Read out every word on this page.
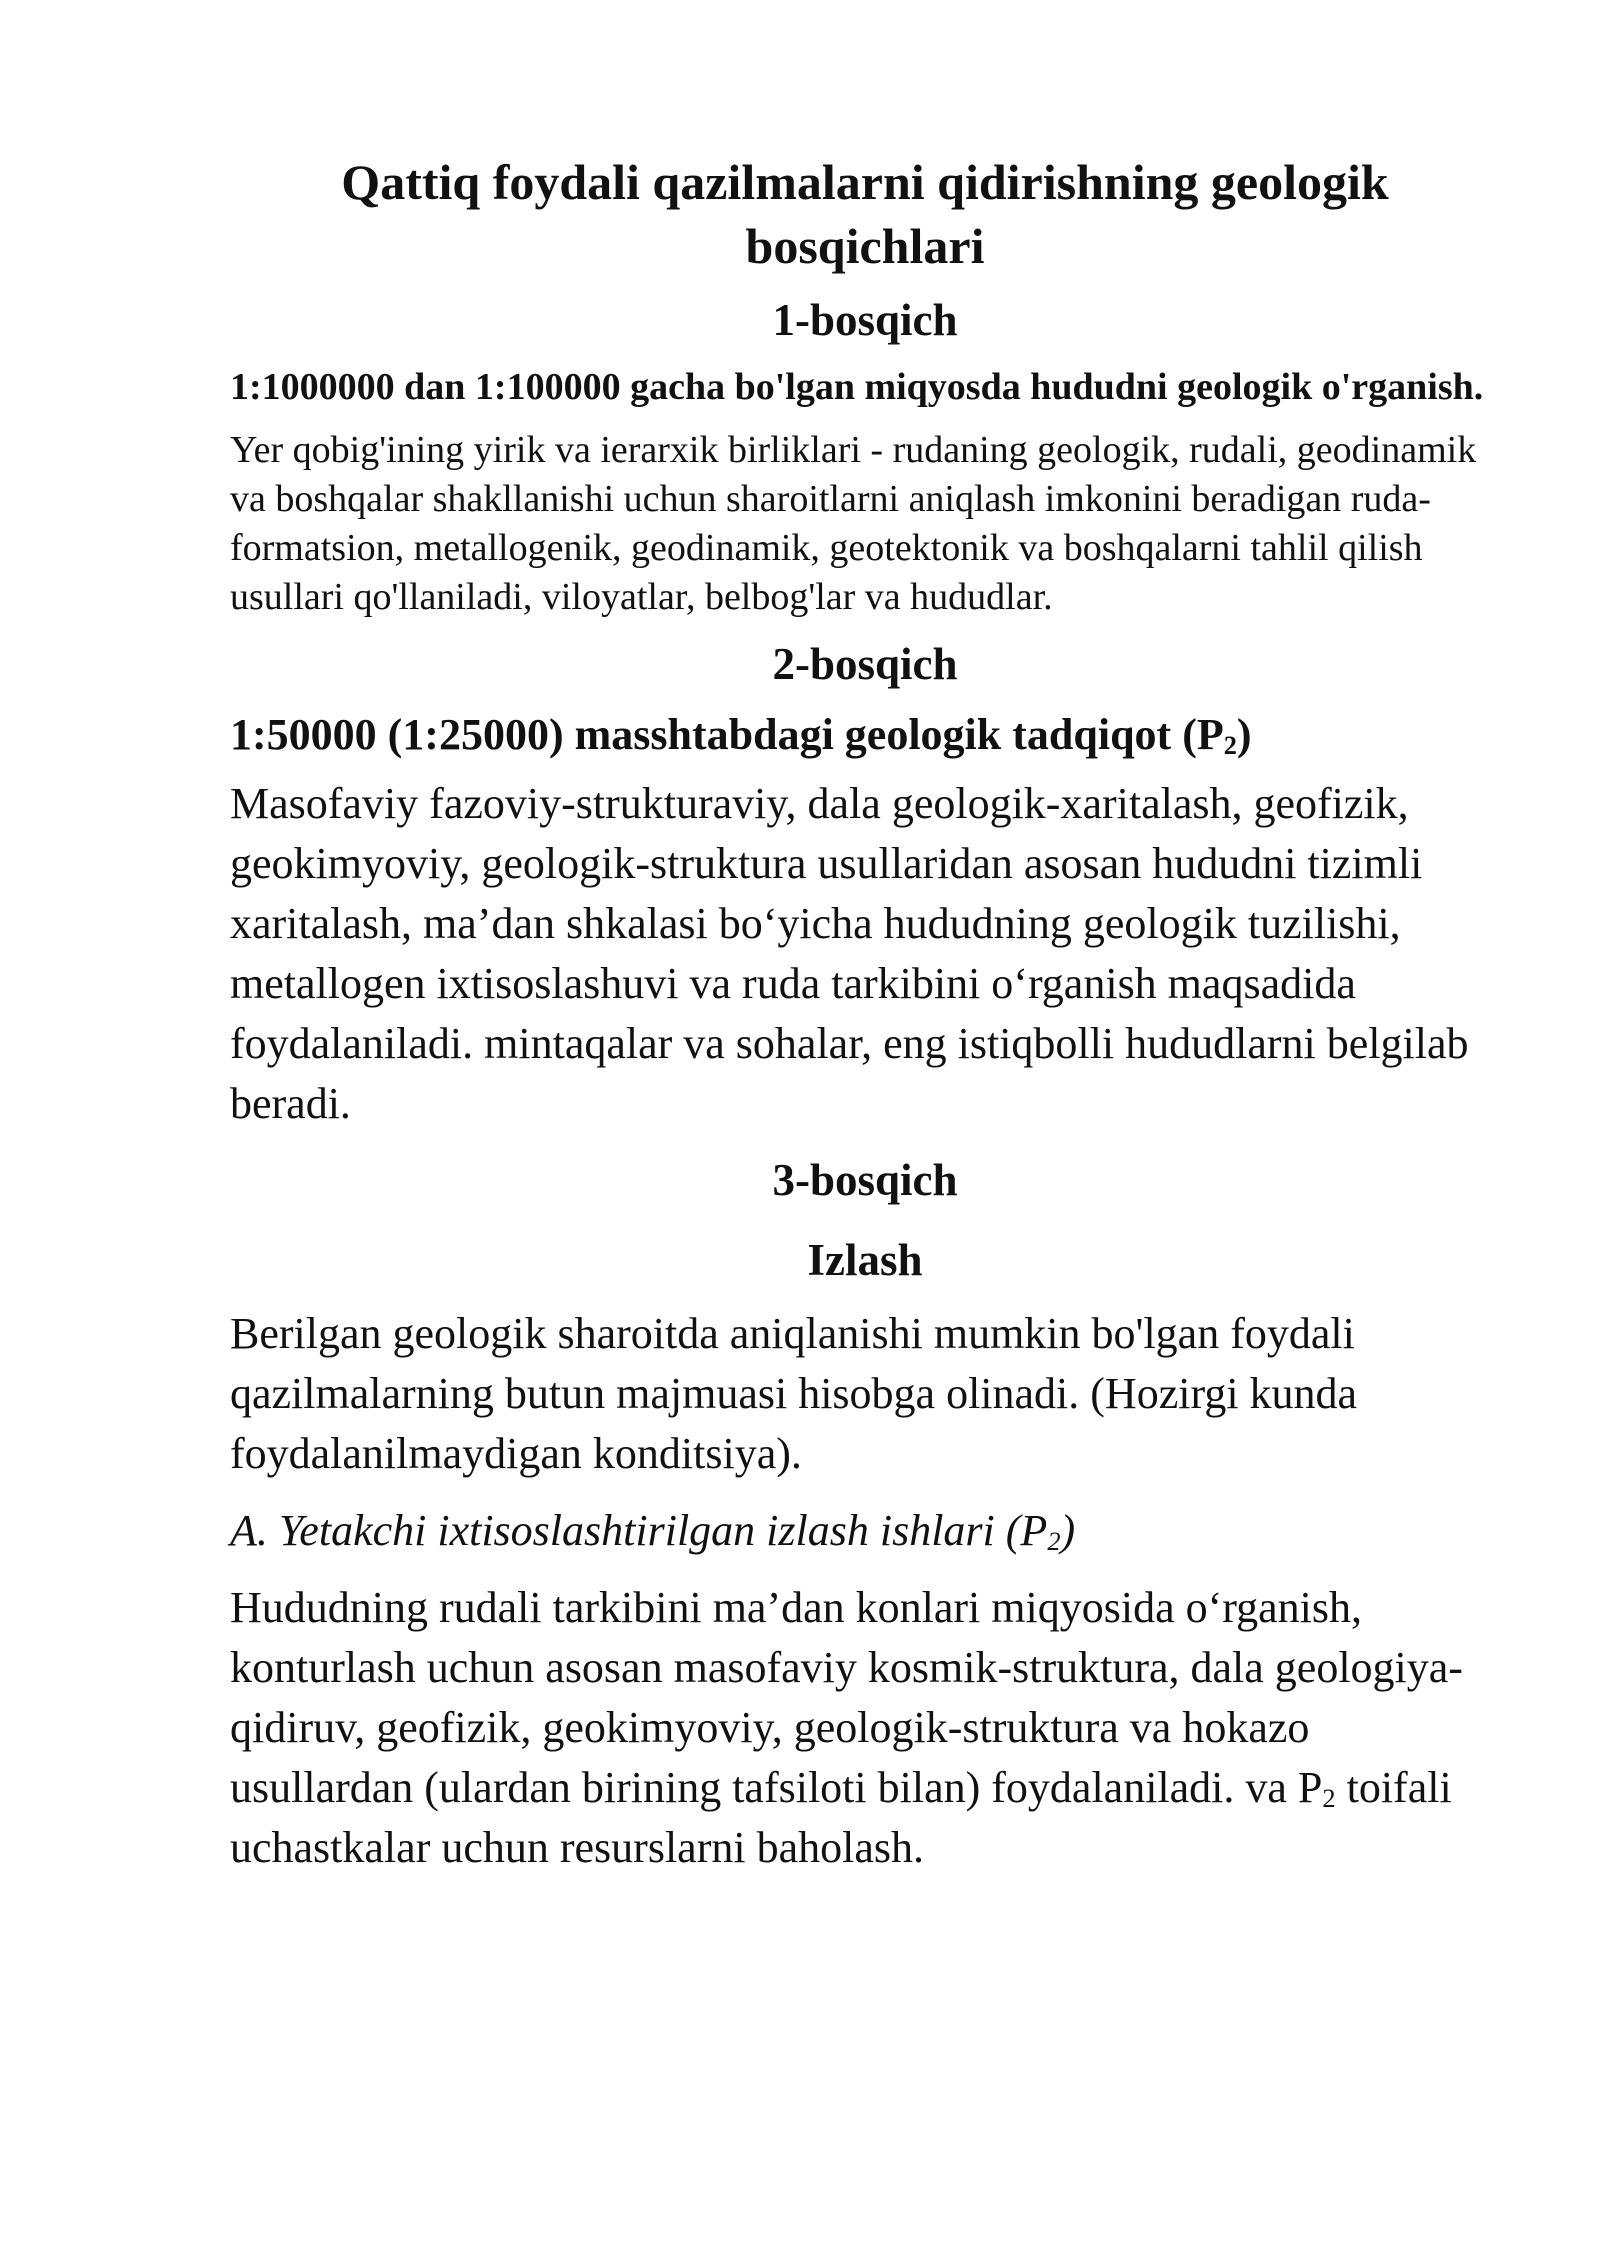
Qattiq foydali qazilmalarni qidirishning geologik bosqichlari
1-bosqich

1:1000000 dan 1:100000 gacha bo'lgan miqyosda hududni geologik o'rganish.

Yer qobig'ining yirik va ierarxik birliklari - rudaning geologik, rudali, geodinamik va boshqalar shakllanishi uchun sharoitlarni aniqlash imkonini beradigan ruda-formatsion, metallogenik, geodinamik, geotektonik va boshqalarni tahlil qilish usullari qo'llaniladi, viloyatlar, belbog'lar va hududlar.

2-bosqich

1:50000 (1:25000) masshtabdagi geologik tadqiqot $(P_2)$

Masofaviy fazoviy-strukturaviy, dala geologik-xaritalash, geofizik, geokimyoviy, geologik-struktura usullaridan asosan hududni tizimli xaritalash, ma’dan shkalasi bo‘yicha hududning geologik tuzilishi, metallogen ixtisoslashuvi va ruda tarkibini o‘rganish maqsadida foydalaniladi. mintaqalar va sohalar, eng istiqbolli hududlarni belgilab beradi.

3-bosqich
Izlash

Berilgan geologik sharoitda aniqlanishi mumkin bo'lgan foydali qazilmalarning butun majmuasi hisobga olinadi. (Hozirgi kunda foydalanilmaydigan konditsiya).

A. Yetakchi ixtisoslashtirilgan izlash ishlari $(P_2)$

Hududning rudali tarkibini ma’dan konlari miqyosida o‘rganish, konturlash uchun asosan masofaviy kosmik-struktura, dala geologiya-qidiruv, geofizik, geokimyoviy, geologik-struktura va hokazo usullardan (ulardan birining tafsiloti bilan) foydalaniladi. va $P_2$ toifali uchastkalar uchun resurslarni baholash.
